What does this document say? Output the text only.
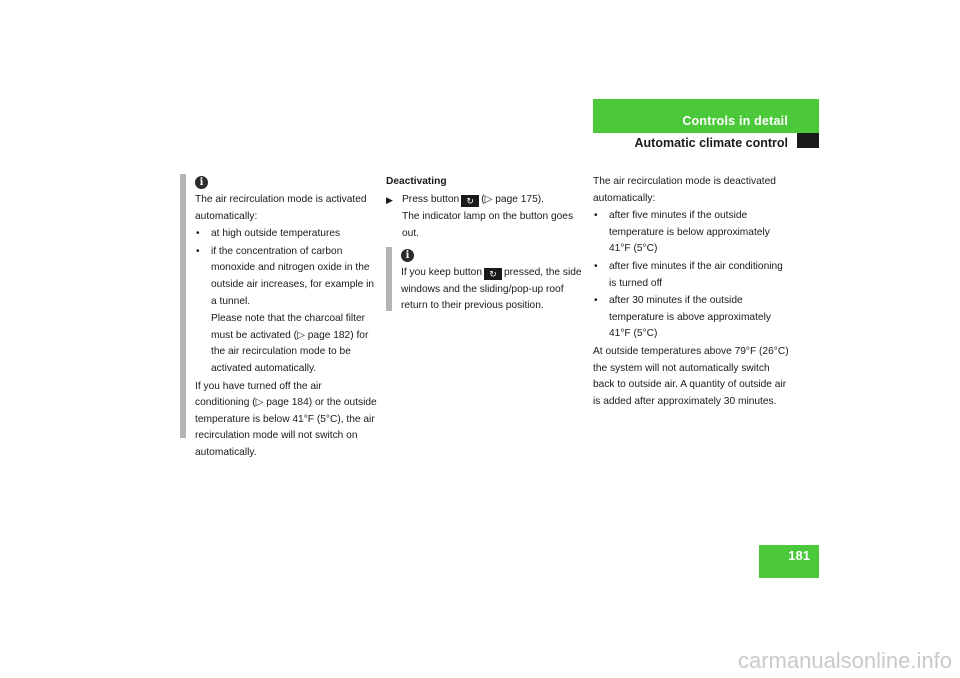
Controls in detail
Automatic climate control
i

The air recirculation mode is activated automatically:

• at high outside temperatures
• if the concentration of carbon monoxide and nitrogen oxide in the outside air increases, for example in a tunnel.

Please note that the charcoal filter must be activated (▷ page 182) for the air recirculation mode to be activated automatically.

If you have turned off the air conditioning (▷ page 184) or the outside temperature is below 41°F (5°C), the air recirculation mode will not switch on automatically.

Deactivating

▶ Press button ↻ (▷ page 175).

The indicator lamp on the button goes out.

i

If you keep button ↻ pressed, the side windows and the sliding/pop-up roof return to their previous position.

The air recirculation mode is deactivated automatically:

• after five minutes if the outside temperature is below approximately 41°F (5°C)
• after five minutes if the air conditioning is turned off
• after 30 minutes if the outside temperature is above approximately 41°F (5°C)

At outside temperatures above 79°F (26°C) the system will not automatically switch back to outside air. A quantity of outside air is added after approximately 30 minutes.

181
carmanualsonline.info
